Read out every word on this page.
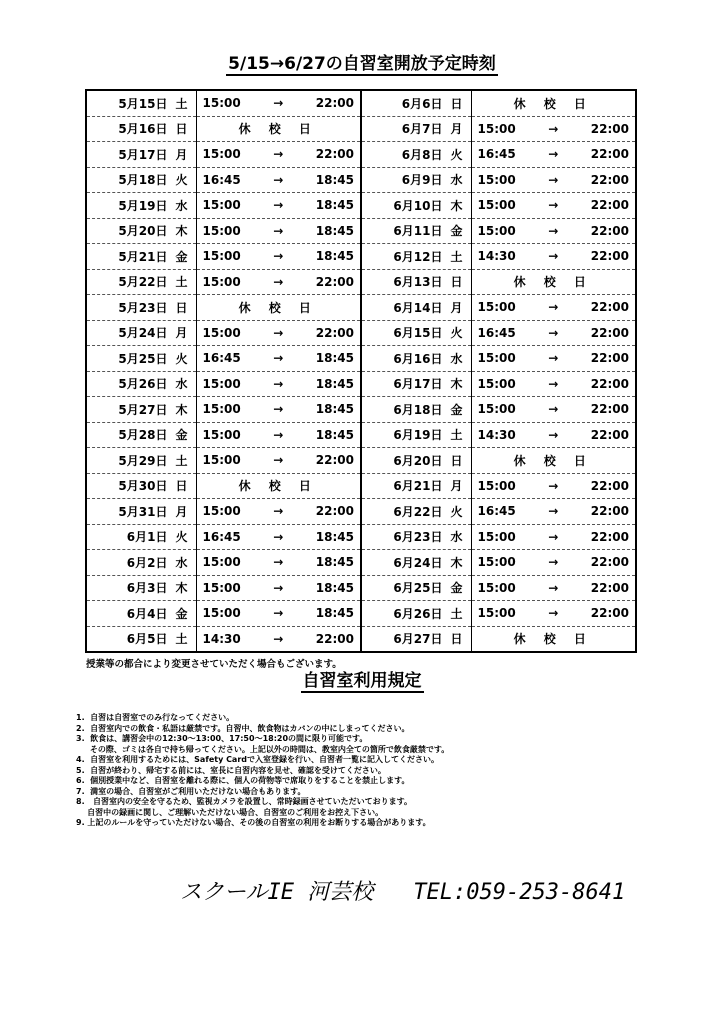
5/15→6/27の自習室開放予定時刻
5月15日 土	15:00 → 22:00	6月6日 日	休 校 日

5月16日 日	休 校 日	6月7日 月	15:00 → 22:00

5月17日 月	15:00 → 22:00	6月8日 火	16:45 → 22:00

5月18日 火	16:45 → 18:45	6月9日 水	15:00 → 22:00

5月19日 水	15:00 → 18:45	6月10日 木	15:00 → 22:00

5月20日 木	15:00 → 18:45	6月11日 金	15:00 → 22:00

5月21日 金	15:00 → 18:45	6月12日 土	14:30 → 22:00

5月22日 土	15:00 → 22:00	6月13日 日	休 校 日

5月23日 日	休 校 日	6月14日 月	15:00 → 22:00

5月24日 月	15:00 → 22:00	6月15日 火	16:45 → 22:00

5月25日 火	16:45 → 18:45	6月16日 水	15:00 → 22:00

5月26日 水	15:00 → 18:45	6月17日 木	15:00 → 22:00

5月27日 木	15:00 → 18:45	6月18日 金	15:00 → 22:00

5月28日 金	15:00 → 18:45	6月19日 土	14:30 → 22:00

5月29日 土	15:00 → 22:00	6月20日 日	休 校 日

5月30日 日	休 校 日	6月21日 月	15:00 → 22:00

5月31日 月	15:00 → 22:00	6月22日 火	16:45 → 22:00

6月1日 火	16:45 → 18:45	6月23日 水	15:00 → 22:00

6月2日 水	15:00 → 18:45	6月24日 木	15:00 → 22:00

6月3日 木	15:00 → 18:45	6月25日 金	15:00 → 22:00

6月4日 金	15:00 → 18:45	6月26日 土	15:00 → 22:00

6月5日 土	14:30 → 22:00	6月27日 日	休 校 日
授業等の都合により変更させていただく場合もございます。
自習室利用規定
1.  自習は自習室でのみ行なってください。
2.  自習室内での飲食・私語は厳禁です。自習中、飲食物はカバンの中にしまってください。
3.  飲食は、講習会中の12:30～13:00、17:50～18:20の間に限り可能です。
その際、ゴミは各自で持ち帰ってください。上記以外の時間は、教室内全ての箇所で飲食厳禁です。
4.  自習室を利用するためには、Safety Cardで入室登録を行い、自習者一覧に記入してください。
5.  自習が終わり、帰宅する前には、室長に自習内容を見せ、確認を受けてください。
6.  個別授業中など、自習室を離れる際に、個人の荷物等で席取りをすることを禁止します。
7.  満室の場合、自習室がご利用いただけない場合もあります。
8.   自習室内の安全を守るため、監視カメラを設置し、常時録画させていただいております。
自習中の録画に関し、ご理解いただけない場合、自習室のご利用をお控え下さい。
9. 上記のルールを守っていただけない場合、その後の自習室の利用をお断りする場合があります。
スクールIE 河芸校 TEL:059-253-8641
